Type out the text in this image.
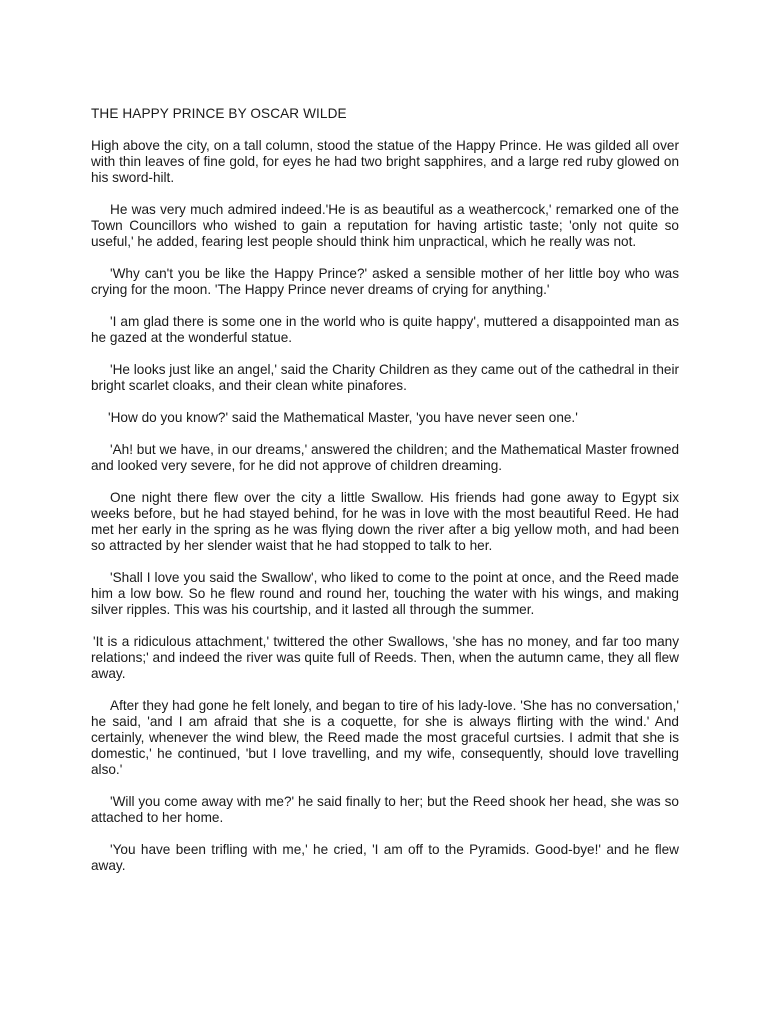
THE HAPPY PRINCE BY OSCAR WILDE

High above the city, on a tall column, stood the statue of the Happy Prince. He was gilded all over with thin leaves of fine gold, for eyes he had two bright sapphires, and a large red ruby glowed on his sword-hilt.

He was very much admired indeed.'He is as beautiful as a weathercock,' remarked one of the Town Councillors who wished to gain a reputation for having artistic taste; 'only not quite so useful,' he added, fearing lest people should think him unpractical, which he really was not.

'Why can't you be like the Happy Prince?' asked a sensible mother of her little boy who was crying for the moon. 'The Happy Prince never dreams of crying for anything.'

'I am glad there is some one in the world who is quite happy', muttered a disappointed man as he gazed at the wonderful statue.

'He looks just like an angel,' said the Charity Children as they came out of the cathedral in their bright scarlet cloaks, and their clean white pinafores.

'How do you know?' said the Mathematical Master, 'you have never seen one.'

'Ah! but we have, in our dreams,' answered the children; and the Mathematical Master frowned and looked very severe, for he did not approve of children dreaming.

One night there flew over the city a little Swallow. His friends had gone away to Egypt six weeks before, but he had stayed behind, for he was in love with the most beautiful Reed. He had met her early in the spring as he was flying down the river after a big yellow moth, and had been so attracted by her slender waist that he had stopped to talk to her.

'Shall I love you said the Swallow', who liked to come to the point at once, and the Reed made him a low bow. So he flew round and round her, touching the water with his wings, and making silver ripples. This was his courtship, and it lasted all through the summer.

'It is a ridiculous attachment,' twittered the other Swallows, 'she has no money, and far too many relations;' and indeed the river was quite full of Reeds. Then, when the autumn came, they all flew away.

After they had gone he felt lonely, and began to tire of his lady-love. 'She has no conversation,' he said, 'and I am afraid that she is a coquette, for she is always flirting with the wind.' And certainly, whenever the wind blew, the Reed made the most graceful curtsies. I admit that she is domestic,' he continued, 'but I love travelling, and my wife, consequently, should love travelling also.'

'Will you come away with me?' he said finally to her; but the Reed shook her head, she was so attached to her home.

'You have been trifling with me,' he cried, 'I am off to the Pyramids. Good-bye!' and he flew away.
